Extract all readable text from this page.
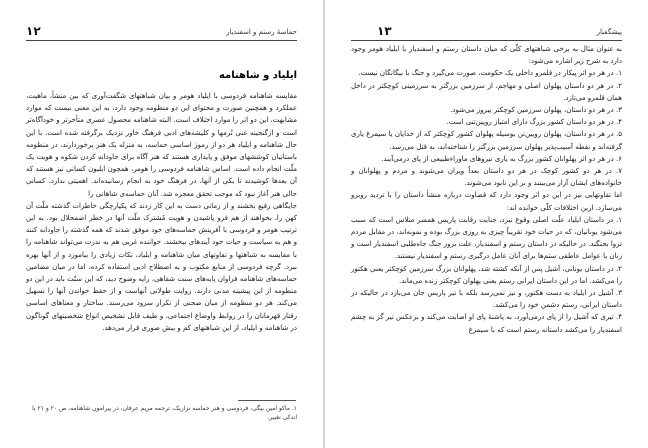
۱۲	حماسهٔ رستم و اسفندیار
ایلیاد و شاهنامه

مقایسه شاهنامه فردوسی با ایلیاد هومر و بیان شباهتهای شگفت‌آوری که بین منشأ، ماهیت، عملکرد و همچنین صورت و محتوای این دو منظومه وجود دارد، به این معنی نیست که موارد مشابهت، این دو اثر را موارد اختلاف است. البته شاهنامه محصول عصری متأخرتر و خودآگاه‌تر است و ازگنجینه غنی تُرمها و کلیشه‌های ادبی فرهنگ خاور نزدیک برگرفته شده است. با این حال شاهنامه و ایلیاد هر دو از رموز اساسی حماسه، به منزله یک هنر برخوردارند، در منظومه باستانیان کوششهای موفق و پایداری هستند که هنر آگاه برای جاودانه کردن شکوه و هویت یک ملّت انجام داده است. اساس شاهنامه فردوسی را هومر، همچون ایلیون کسانی نیز هستند که آن بعدها کوشیدند تا یکی از آنها، در فرهنگ خود به انجام رسانیده‌اند. اهمیتی ندارد، کسانی حالی هنر آغاز نبود که موجب تحقق معجزه شد. آنان حماسه‌ی شاهانی را

جایگاهی رفیع بخشند و از زمانی دست به این کار زدند که پکپارچگی خاطرات گذشته ملّت آن کهن را، بخواهند از هم فرو پاشیدن و هویت مُشترک ملّت آنها در خطر اضمحلال بود. به این ترتیب هومر و فردوسی با آفرینش حماسه‌های خود موفق شدند که همه گذشته را جاودانه کنند و هم به سیاست و حیات خود آیندهای ببخشند. خواننده غربی هم به ندرت می‌تواند شاهنامه را با مقایسه به شباهتها و تفاوتهای میان شاهنامه و ایلیاد، نکات زیادی را بیاموزد و از آنها بهره ببرد. گرچه فردوسی از منابع مکتوب و به اصطلاح ادبی استفاده کرده، اما در میان مضامین حماسه‌های شاهنامه فراوان پایه‌های سنت شفاهی، رایه وضوح دید، که این سنّت باید در این دو منظومه از این پیشینه مدنی دارند، روایت طولانی آنهاست و از حفظ خواندن آنها را تسهیل می‌کند. هر دو منظومه از میان صحنی از تکرار سرود می‌رسند. ساختار و معناهای اساسی رفتار قهرمانان را در روابط واوضاع اجتماعی، و طیف قابل تشخیص انواع شخصیتهای گوناگون در شاهنامه و ایلیاد، از این شباهتهای کم و بیش صوری قرار می‌دهد.

۱. ماکو امین بیگی، فردوسی و هنر حماسه نزاریک، ترجمه مریم عرفان، در پیرامون شاهنامه، ص ۲۰ و ۲۱ با اندکی تغییر.
۱۳	پیشگفتار

به عنوان مثال به برخی شباهتهای کلّی که میان داستان رستم و اسفندیار با ایلیاد هومر وجود دارد به شرح زیر اشاره می‌شود:

۱. در هر دو اثر پیکار در قلمرو داخلی یک حکومت، صورت می‌گیرد و جنگ با بیگانگان نیست.

۲. در هر دو داستان پهلوان اصلی و مهاجم، از سرزمین بزرگتر به سرزمینی کوچکتر در داخل همان قلمرو می‌تازد.

۳. در هر دو داستان، پهلوان سرزمین کوچکتر پیروز می‌شود.

۴. در هر دو داستان کشور بزرگ دارای امتیاز رویین‌تنی است.

۵. در هر دو داستان، پهلوان رویین‌تن بوسیله پهلوان کشور کوچکتر که از خدایان یا سیمرغ یاری گرفته‌اند و نقطه آسیب‌پذیر پهلوان سرزمین بزرگتر را شناخته‌اند، به قتل می‌رسد.

۶. در هر دو اثر پهلوانان کشور بزرگ به یاری نیروهای ماوراءطبیعی از پای درمی‌آیند.

۷. در هر دو کشور کوچک در هر دو داستان بعداً ویران می‌شوند و مردم و پهلوانان و خانواده‌های ایشان آزار می‌بینند و بر این نابود می‌شوند.

اما تفاوتهایی نیز در این دو اثر وجود دارد که قضاوت درباره منشأ داستان را با تردید روبرو می‌سازد. ازین اختلافات کلّی خوانده اند:

۱. در داستان ایلیاد علّت اصلی وقوع نبرد، جنایت رقابت پاریس همسر منلاس است که سبب می‌شود یونانیان، که در حیات خود تقریباً چیزی به روزی بزرگ بوده و نمونه‌اند، در مقابل مردم تروا بجنگند. در حالیکه در داستان رستم و اسفندیار، علت بروز جنگ جاه‌طلبی اسفندیار است و زنان یا عوامل عاطفی ستم‌ها برای آنان عامل درگیری رستم و اسفندیار نیستند.

۲. در داستان یونانی، آشیل پس از آنکه کشته شد، پهلوانان بزرگ سرزمین کوچکتر یعنی هکتور را می‌کشد. اما در این داستان ایرانی رستم یعنی پهلوان کوچکتر زنده می‌ماند.

۳. آشیل در ایلیاد به دست هکتور، و نیز نمی‌رسد بلکه با تیر پاریس جان می‌بازد در حالیکه در داستان ایرانی، رستم دشمن خود را می‌کشد.

۴. تیری که آشیل را از پای درمی‌آورد، به پاشنهٔ پای او اصابت می‌کند و برعکس تیر گز به چشم اسفندیار را می‌کشد داستانه رستم است که با سیمرغ
